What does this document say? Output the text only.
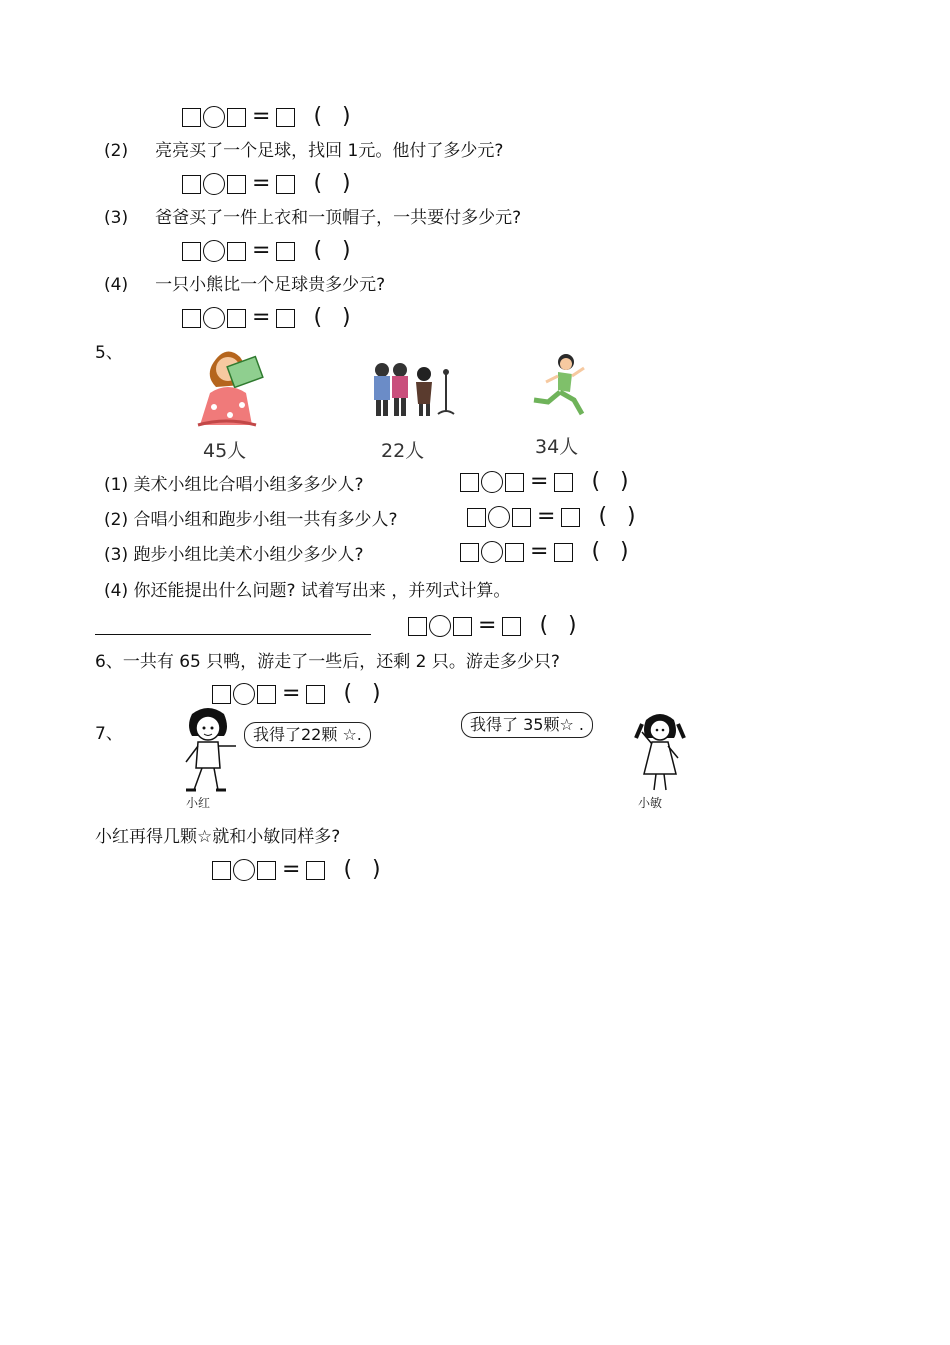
= ( )
(2) 亮亮买了一个足球，找回 1元。他付了多少元?
= ( )
(3) 爸爸买了一件上衣和一顶帽子，一共要付多少元?
= ( )
(4) 一只小熊比一个足球贵多少元?
= ( )
5、
45人	22人	34人
(1) 美术小组比合唱小组多多少人?	= ( )
(2) 合唱小组和跑步小组一共有多少人?	= ( )
(3) 跑步小组比美术小组少多少人?	= ( )
(4) 你还能提出什么问题? 试着写出来 ，并列式计算。
= ( )
6、一共有 65 只鸭，游走了一些后，还剩 2 只。游走多少只?
= ( )
7、	我得了22颗 ☆.
小红
我得了 35颗☆ .
小敏
小红再得几颗☆就和小敏同样多?
= ( )
